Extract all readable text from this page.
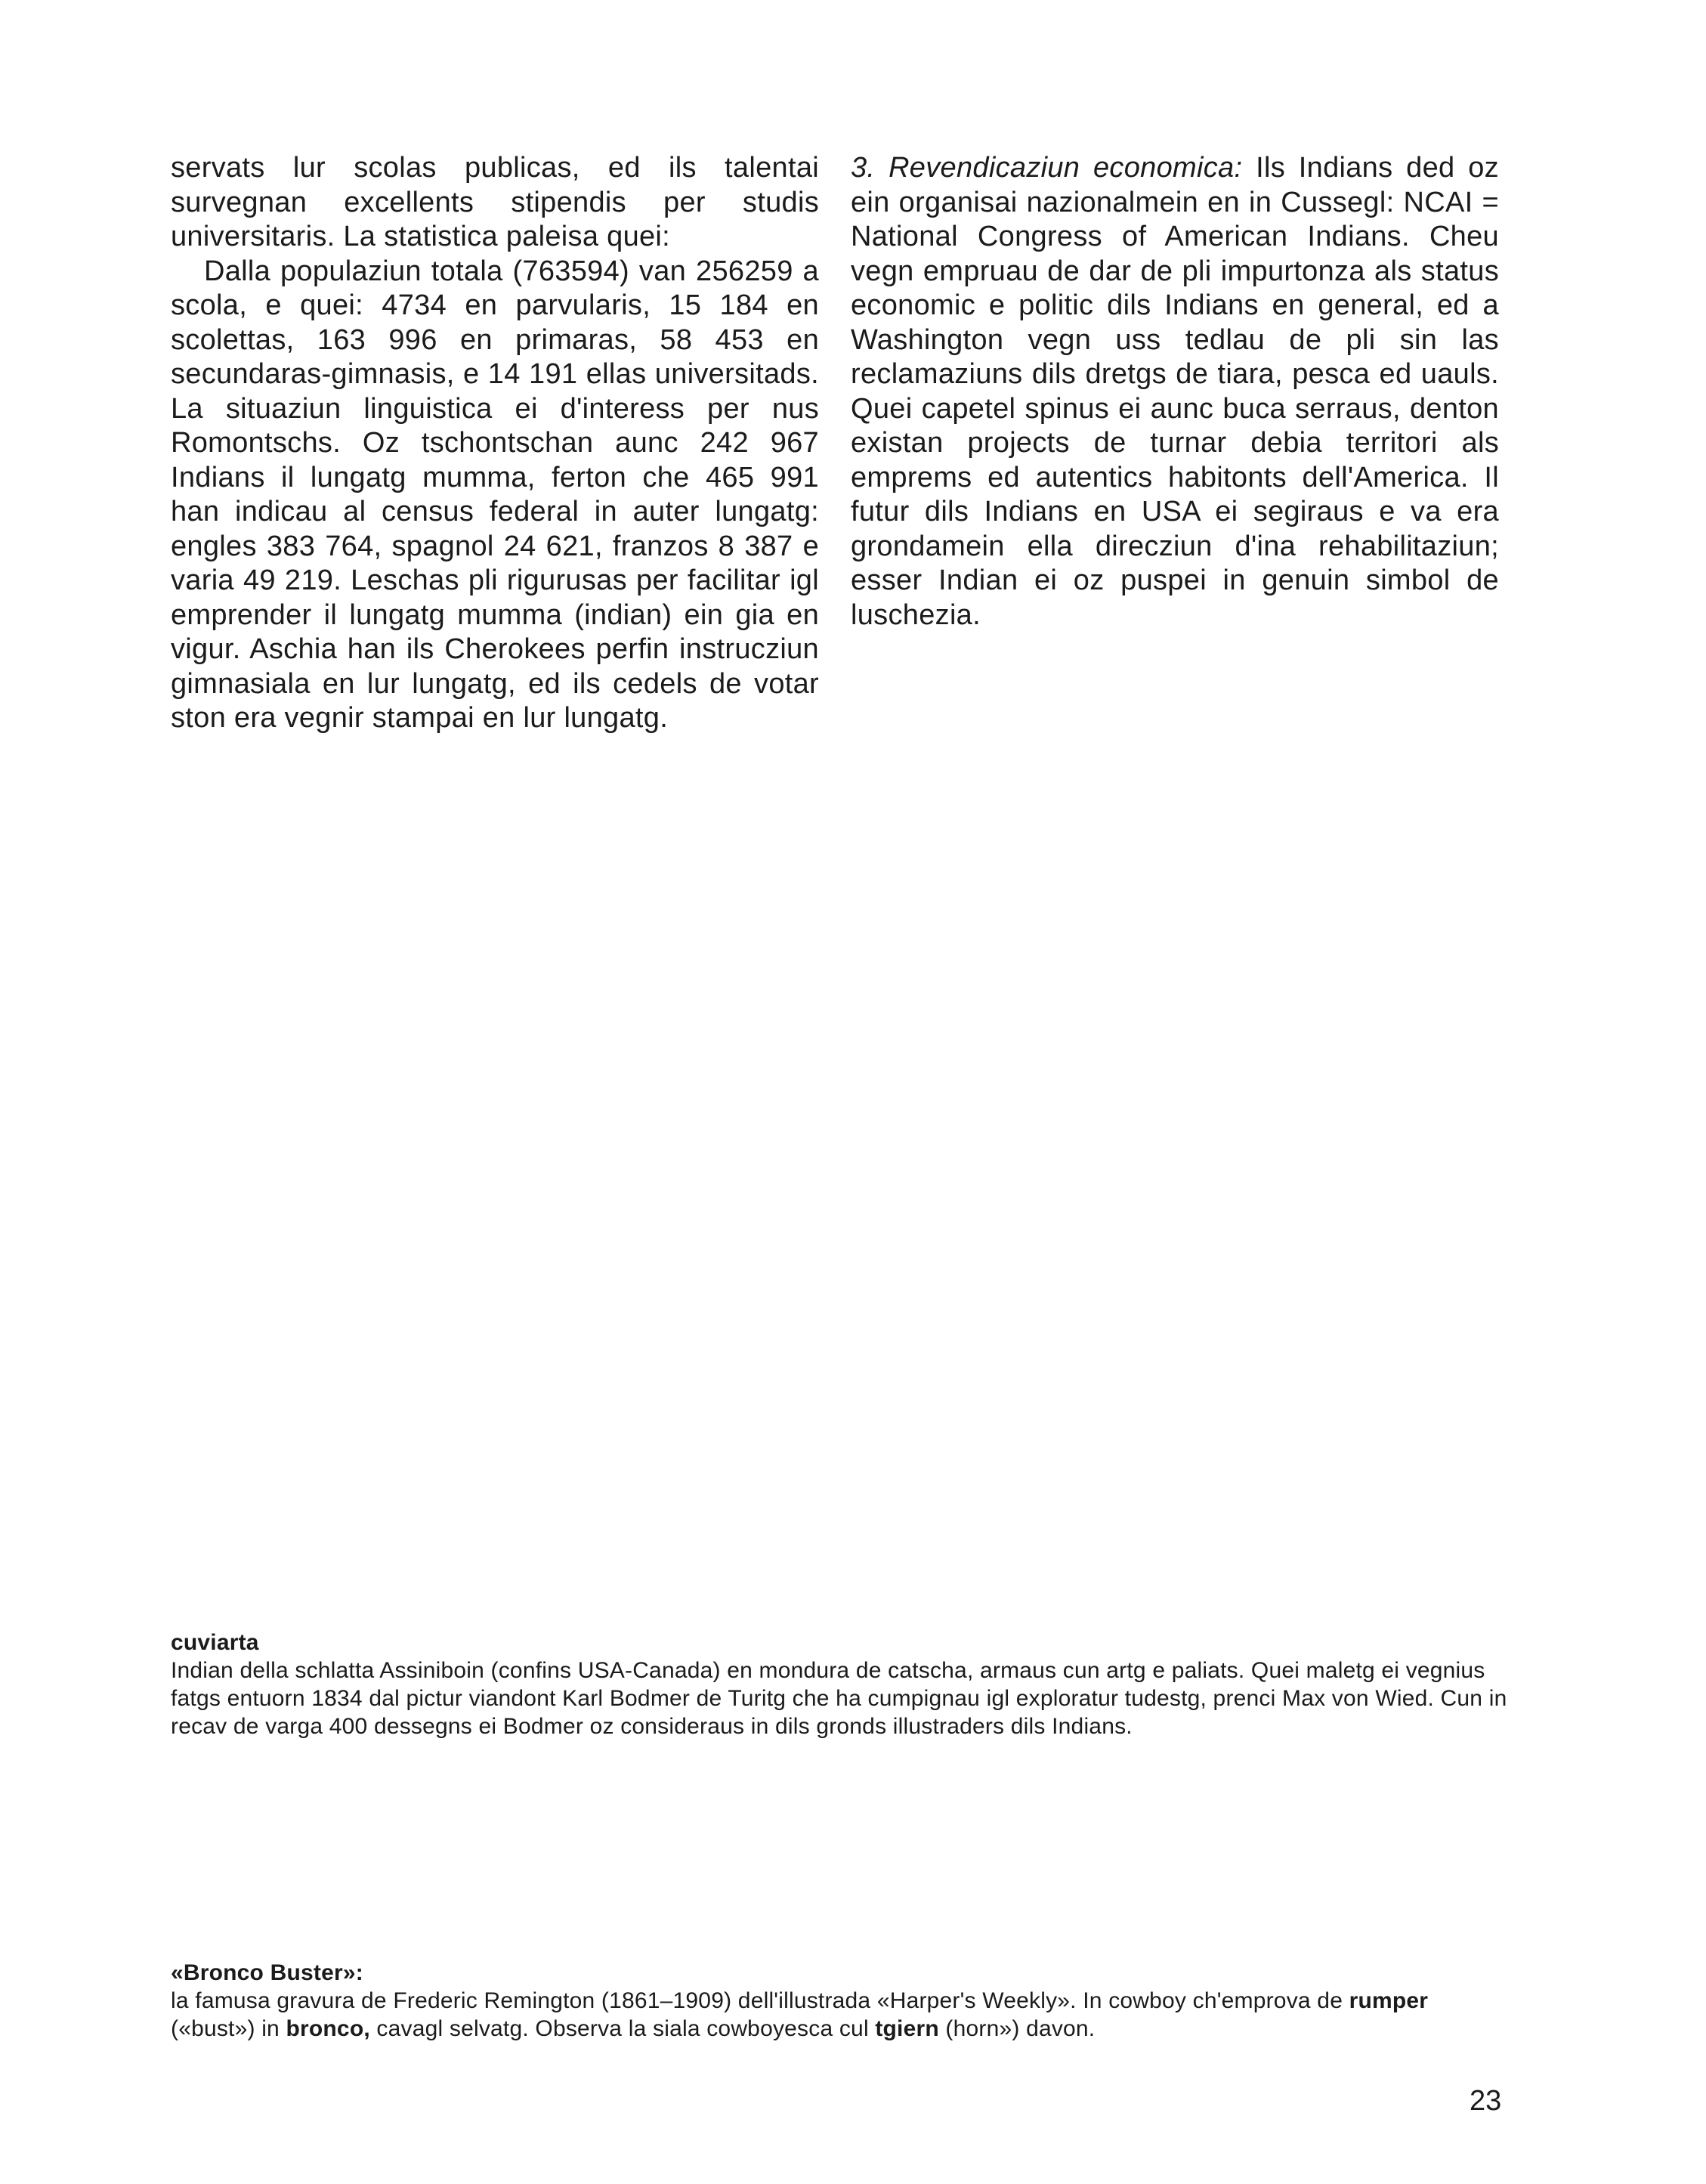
servats lur scolas publicas, ed ils talentai survegnan excellents stipendis per studis universitaris. La statistica paleisa quei:

Dalla populaziun totala (763594) van 256259 a scola, e quei: 4734 en parvularis, 15 184 en scolettas, 163 996 en primaras, 58 453 en secundaras-gimnasis, e 14 191 ellas universitads. La situaziun linguistica ei d'interess per nus Romontschs. Oz tschontschan aunc 242 967 Indians il lungatg mumma, ferton che 465 991 han indicau al census federal in auter lungatg: engles 383 764, spagnol 24 621, franzos 8 387 e varia 49 219. Leschas pli rigurusas per facilitar igl emprender il lungatg mumma (indian) ein gia en vigur. Aschia han ils Cherokees perfin instrucziun gimnasiala en lur lungatg, ed ils cedels de votar ston era vegnir stampai en lur lungatg.

3. Revendicaziun economica: Ils Indians ded oz ein organisai nazionalmein en in Cussegl: NCAI = National Congress of American Indians. Cheu vegn empruau de dar de pli impurtonza als status economic e politic dils Indians en general, ed a Washington vegn uss tedlau de pli sin las reclamaziuns dils dretgs de tiara, pesca ed uauls. Quei capetel spinus ei aunc buca serraus, denton existan projects de turnar debia territori als emprems ed autentics habitonts dell'America. Il futur dils Indians en USA ei segiraus e va era grondamein ella direcziun d'ina rehabilitaziun; esser Indian ei oz puspei in genuin simbol de luschezia.

cuviarta

Indian della schlatta Assiniboin (confins USA-Canada) en mondura de catscha, armaus cun artg e paliats. Quei maletg ei vegnius fatgs entuorn 1834 dal pictur viandont Karl Bodmer de Turitg che ha cumpignau igl exploratur tudestg, prenci Max von Wied. Cun in recav de varga 400 dessegns ei Bodmer oz consideraus in dils gronds illustraders dils Indians.

«Bronco Buster»:

la famusa gravura de Frederic Remington (1861–1909) dell'illustrada «Harper's Weekly». In cowboy ch'emprova de rumper («bust») in bronco, cavagl selvatg. Observa la siala cowboyesca cul tgiern (horn») davon.

23
